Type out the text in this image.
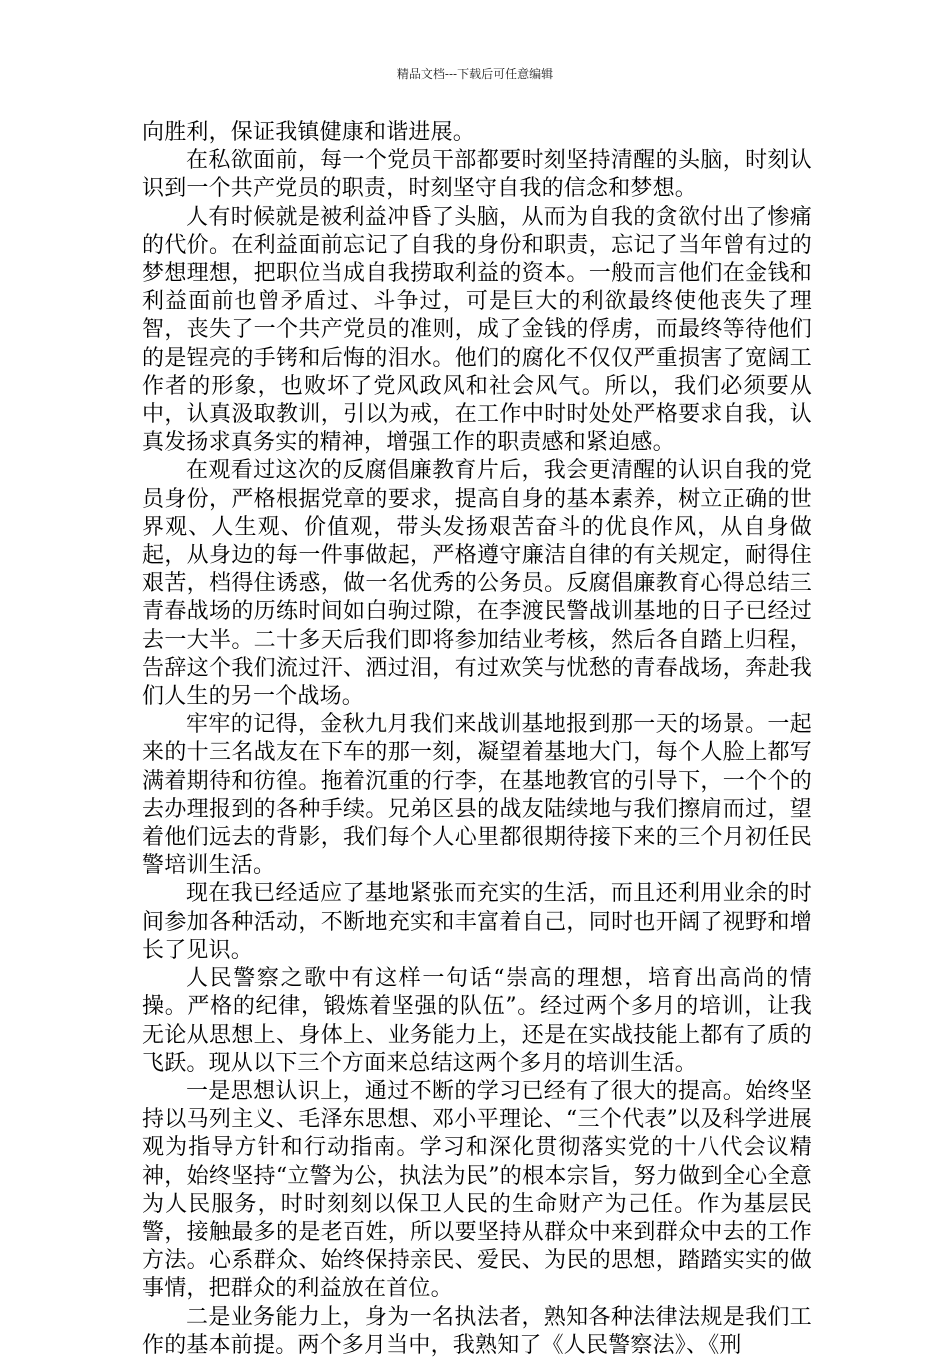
精品文档---下载后可任意编辑

向胜利，保证我镇健康和谐进展。

在私欲面前，每一个党员干部都要时刻坚持清醒的头脑，时刻认识到一个共产党员的职责，时刻坚守自我的信念和梦想。

人有时候就是被利益冲昏了头脑，从而为自我的贪欲付出了惨痛的代价。在利益面前忘记了自我的身份和职责，忘记了当年曾有过的梦想理想，把职位当成自我捞取利益的资本。一般而言他们在金钱和利益面前也曾矛盾过、斗争过，可是巨大的利欲最终使他丧失了理智，丧失了一个共产党员的准则，成了金钱的俘虏，而最终等待他们的是锃亮的手铐和后悔的泪水。他们的腐化不仅仅严重损害了宽阔工作者的形象，也败坏了党风政风和社会风气。所以，我们必须要从中，认真汲取教训，引以为戒，在工作中时时处处严格要求自我，认真发扬求真务实的精神，增强工作的职责感和紧迫感。

在观看过这次的反腐倡廉教育片后，我会更清醒的认识自我的党员身份，严格根据党章的要求，提高自身的基本素养，树立正确的世界观、人生观、价值观，带头发扬艰苦奋斗的优良作风，从自身做起，从身边的每一件事做起，严格遵守廉洁自律的有关规定，耐得住艰苦，档得住诱惑，做一名优秀的公务员。反腐倡廉教育心得总结三青春战场的历练时间如白驹过隙，在李渡民警战训基地的日子已经过去一大半。二十多天后我们即将参加结业考核，然后各自踏上归程，告辞这个我们流过汗、洒过泪，有过欢笑与忧愁的青春战场，奔赴我们人生的另一个战场。

牢牢的记得，金秋九月我们来战训基地报到那一天的场景。一起来的十三名战友在下车的那一刻，凝望着基地大门，每个人脸上都写满着期待和彷徨。拖着沉重的行李，在基地教官的引导下，一个个的去办理报到的各种手续。兄弟区县的战友陆续地与我们擦肩而过，望着他们远去的背影，我们每个人心里都很期待接下来的三个月初任民警培训生活。

现在我已经适应了基地紧张而充实的生活，而且还利用业余的时间参加各种活动，不断地充实和丰富着自己，同时也开阔了视野和增长了见识。

人民警察之歌中有这样一句话“崇高的理想，培育出高尚的情操。严格的纪律，锻炼着坚强的队伍”。经过两个多月的培训，让我无论从思想上、身体上、业务能力上，还是在实战技能上都有了质的飞跃。现从以下三个方面来总结这两个多月的培训生活。

一是思想认识上，通过不断的学习已经有了很大的提高。始终坚持以马列主义、毛泽东思想、邓小平理论、“三个代表”以及科学进展观为指导方针和行动指南。学习和深化贯彻落实党的十八代会议精神，始终坚持“立警为公，执法为民”的根本宗旨，努力做到全心全意为人民服务，时时刻刻以保卫人民的生命财产为己任。作为基层民警，接触最多的是老百姓，所以要坚持从群众中来到群众中去的工作方法。心系群众、始终保持亲民、爱民、为民的思想，踏踏实实的做事情，把群众的利益放在首位。

二是业务能力上，身为一名执法者，熟知各种法律法规是我们工作的基本前提。两个多月当中，我熟知了《人民警察法》、《刑
